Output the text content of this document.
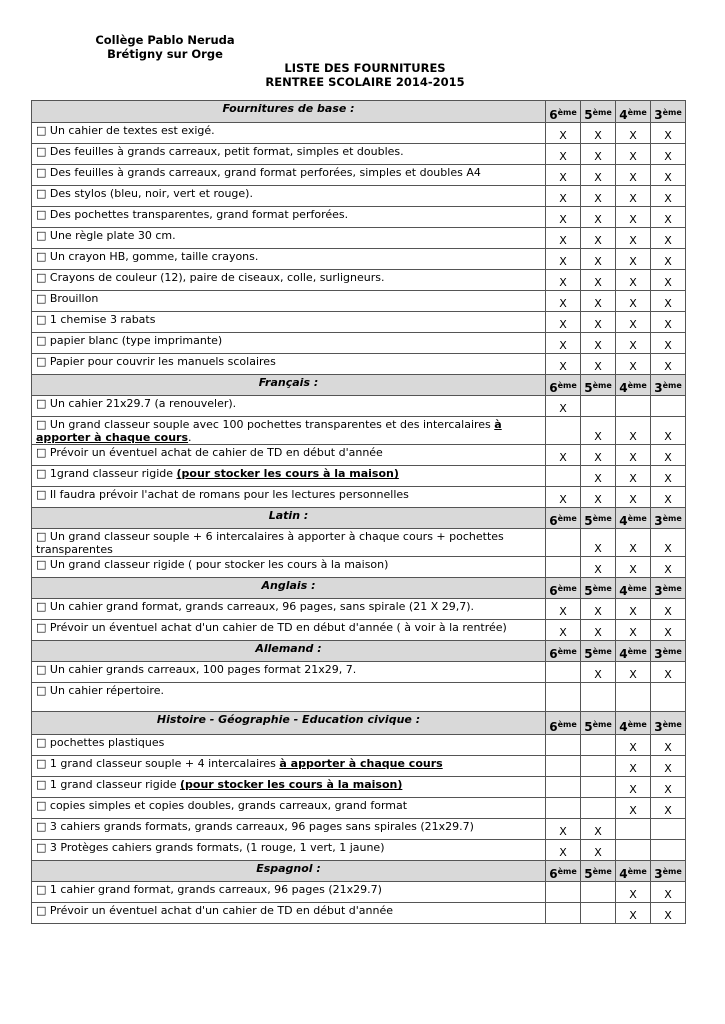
Collège Pablo Neruda
Brétigny sur Orge
LISTE DES FOURNITURES
RENTREE SCOLAIRE 2014-2015
Fournitures de base :	6ème	5ème	4ème	3ème
□ Un cahier de textes est exigé.	X	X	X	X
□ Des feuilles à grands carreaux, petit format, simples et doubles.	X	X	X	X
□ Des feuilles à grands carreaux, grand format perforées, simples et doubles A4	X	X	X	X
□ Des stylos (bleu, noir, vert et rouge).	X	X	X	X
□ Des pochettes transparentes, grand format perforées.	X	X	X	X
□ Une règle plate 30 cm.	X	X	X	X
□ Un crayon HB, gomme, taille crayons.	X	X	X	X
□ Crayons de couleur (12), paire de ciseaux, colle, surligneurs.	X	X	X	X
□ Brouillon	X	X	X	X
□ 1 chemise 3 rabats	X	X	X	X
□ papier blanc (type imprimante)	X	X	X	X
□ Papier pour couvrir les manuels scolaires	X	X	X	X
Français :	6ème	5ème	4ème	3ème
□ Un cahier 21x29.7 (a renouveler).	X			
□ Un grand classeur souple avec 100 pochettes transparentes et des intercalaires à apporter à chaque cours.		X	X	X
□ Prévoir un éventuel achat de cahier de TD en début d'année	X	X	X	X
□ 1grand classeur rigide (pour stocker les cours à la maison)		X	X	X
□ Il faudra prévoir l'achat de romans pour les lectures personnelles	X	X	X	X
Latin :	6ème	5ème	4ème	3ème
□ Un grand classeur souple + 6 intercalaires à apporter à chaque cours + pochettes transparentes		X	X	X
□ Un grand classeur rigide ( pour stocker les cours à la maison)		X	X	X
Anglais :	6ème	5ème	4ème	3ème
□ Un cahier grand format, grands carreaux, 96 pages, sans spirale (21 X 29,7).	X	X	X	X
□ Prévoir un éventuel achat d'un cahier de TD en début d'année ( à voir à la rentrée)	X	X	X	X
Allemand :	6ème	5ème	4ème	3ème
□ Un cahier grands carreaux, 100 pages format 21x29, 7.		X	X	X
□ Un cahier répertoire.				
Histoire - Géographie - Education civique :	6ème	5ème	4ème	3ème
□ pochettes plastiques			X	X
□ 1 grand classeur souple + 4 intercalaires à apporter à chaque cours			X	X
□ 1 grand classeur rigide (pour stocker les cours à la maison)			X	X
□ copies simples et copies doubles, grands carreaux, grand format			X	X
□ 3 cahiers grands formats, grands carreaux, 96 pages sans spirales (21x29.7)	X	X		
□ 3 Protèges cahiers grands formats, (1 rouge, 1 vert, 1 jaune)	X	X		
Espagnol :	6ème	5ème	4ème	3ème
□ 1 cahier grand format, grands carreaux, 96 pages (21x29.7)			X	X
□ Prévoir un éventuel achat d'un cahier de TD en début d'année			X	X
